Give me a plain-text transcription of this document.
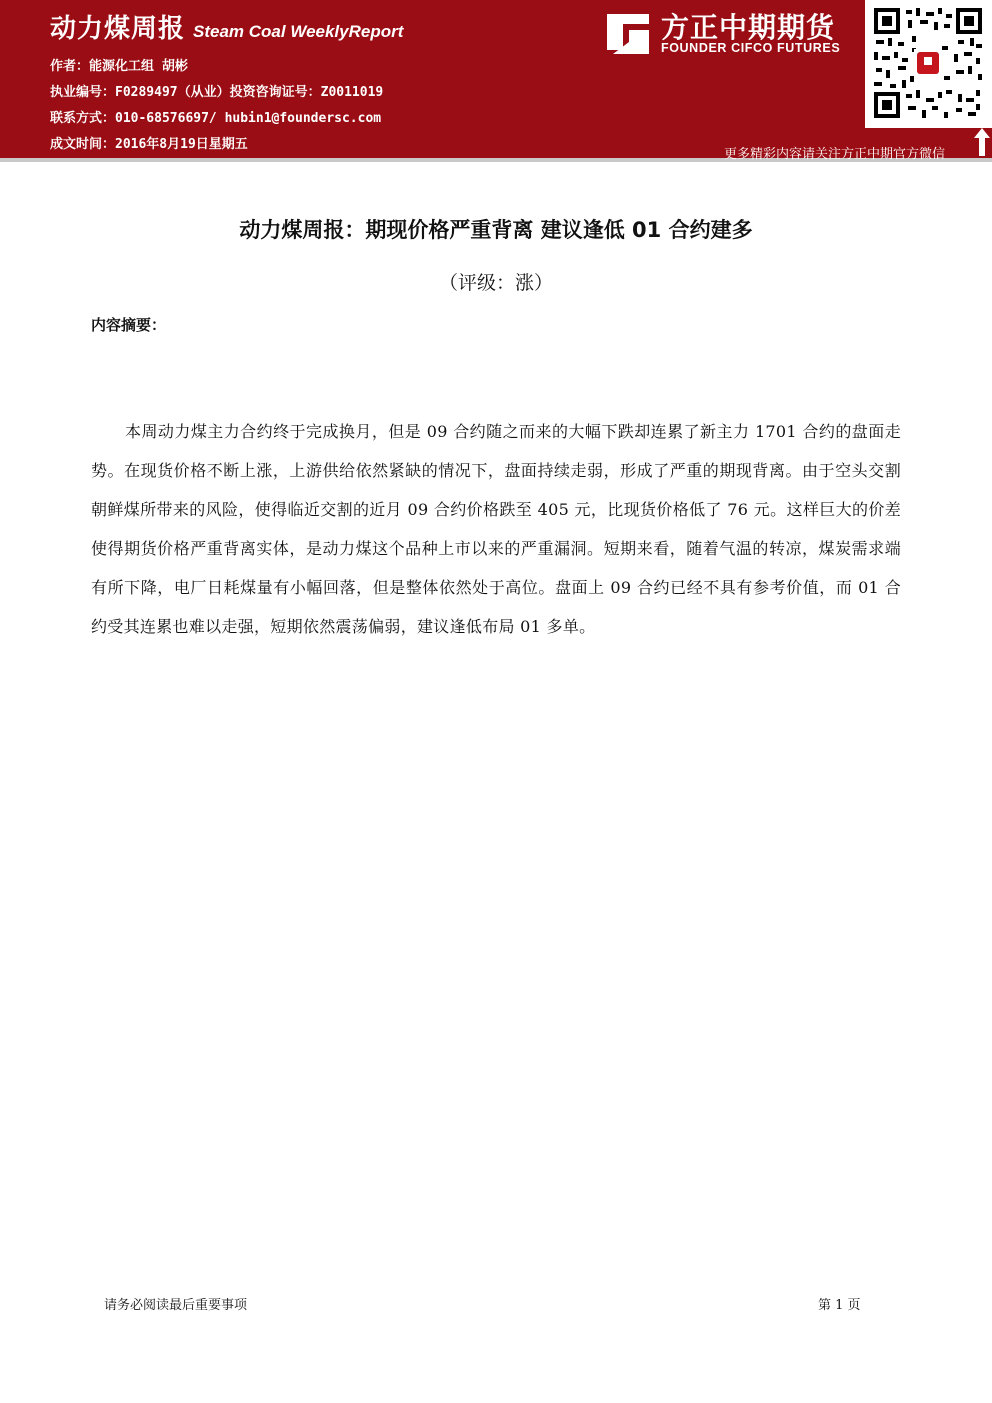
动力煤周报 Steam Coal WeeklyReport
作者：能源化工组 胡彬
执业编号：F0289497（从业）投资咨询证号：Z0011019
联系方式：010-68576697/ hubin1@foundersc.com
成文时间：2016年8月19日星期五
方正中期期货
FOUNDER CIFCO FUTURES
更多精彩内容请关注方正中期官方微信
动力煤周报：期现价格严重背离 建议逢低 01 合约建多
（评级：涨）
内容摘要：
本周动力煤主力合约终于完成换月，但是 09 合约随之而来的大幅下跌却连累了新主力 1701 合约的盘面走势。在现货价格不断上涨，上游供给依然紧缺的情况下，盘面持续走弱，形成了严重的期现背离。由于空头交割朝鲜煤所带来的风险，使得临近交割的近月 09 合约价格跌至 405 元，比现货价格低了 76 元。这样巨大的价差使得期货价格严重背离实体，是动力煤这个品种上市以来的严重漏洞。短期来看，随着气温的转凉，煤炭需求端有所下降，电厂日耗煤量有小幅回落，但是整体依然处于高位。盘面上 09 合约已经不具有参考价值，而 01 合约受其连累也难以走强，短期依然震荡偏弱，建议逢低布局 01 多单。
请务必阅读最后重要事项	第 1 页
